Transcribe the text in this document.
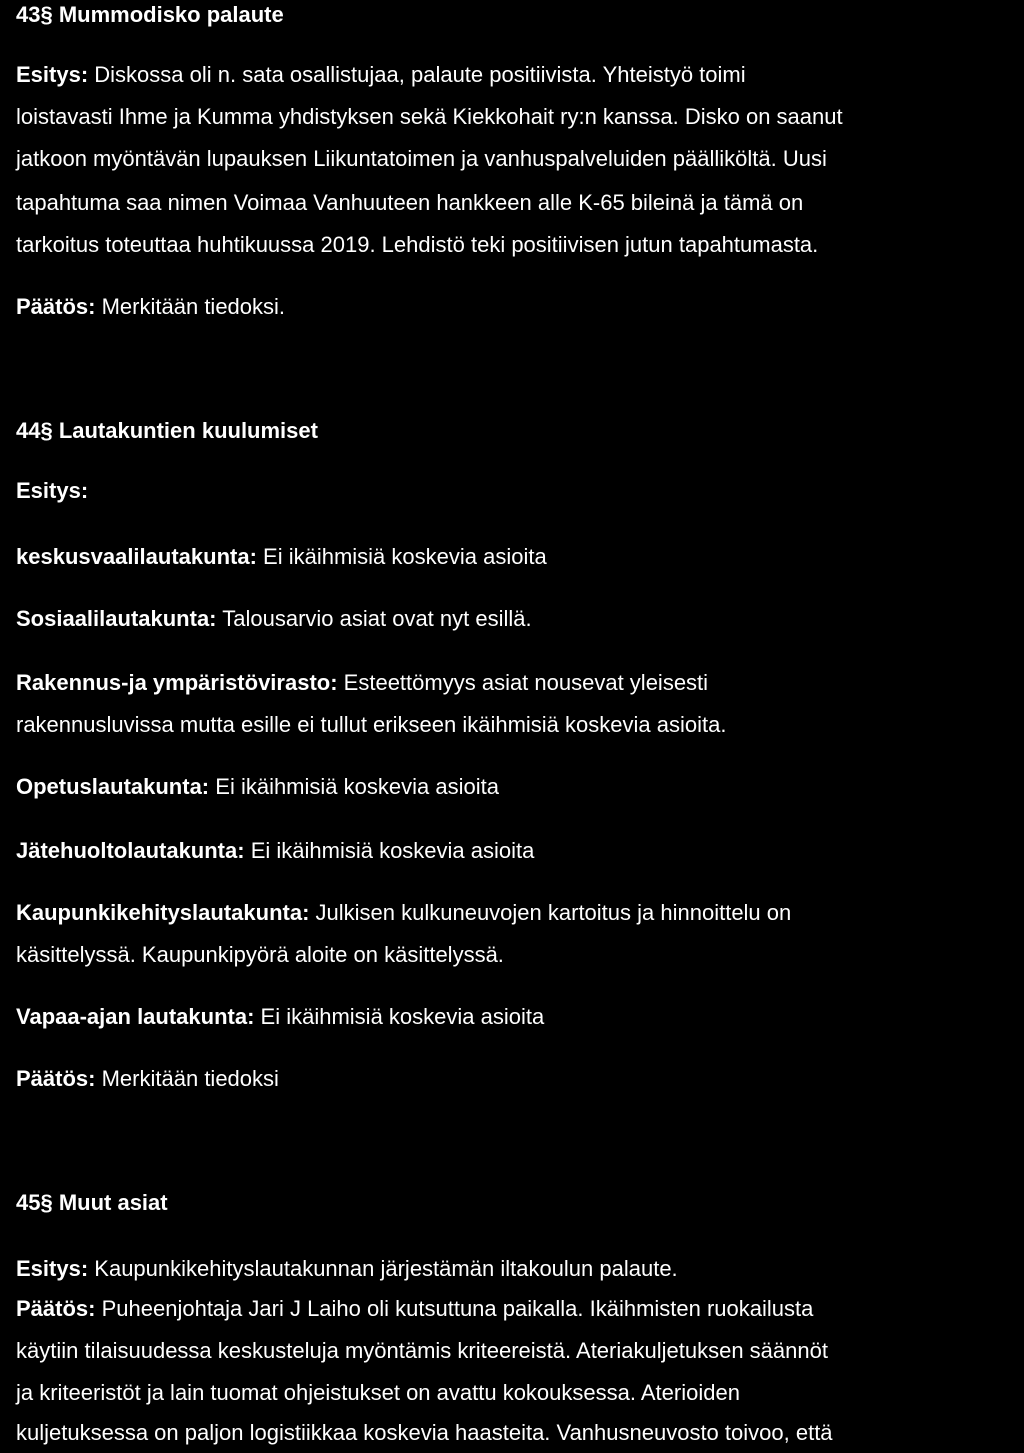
43§ Mummodisko palaute
Esitys: Diskossa oli n. sata osallistujaa, palaute positiivista. Yhteistyö toimi
loistavasti Ihme ja Kumma yhdistyksen sekä Kiekkohait ry:n kanssa. Disko on saanut
jatkoon myöntävän lupauksen Liikuntatoimen ja vanhuspalveluiden päälliköltä. Uusi
tapahtuma saa nimen Voimaa Vanhuuteen hankkeen alle K-65 bileinä ja tämä on
tarkoitus toteuttaa huhtikuussa 2019. Lehdistö teki positiivisen jutun tapahtumasta.
Päätös: Merkitään tiedoksi.
44§ Lautakuntien kuulumiset
Esitys:
keskusvaalilautakunta: Ei ikäihmisiä koskevia asioita
Sosiaalilautakunta: Talousarvio asiat ovat nyt esillä.
Rakennus-ja ympäristövirasto: Esteettömyys asiat nousevat yleisesti
rakennusluvissa mutta esille ei tullut erikseen ikäihmisiä koskevia asioita.
Opetuslautakunta: Ei ikäihmisiä koskevia asioita
Jätehuoltolautakunta: Ei ikäihmisiä koskevia asioita
Kaupunkikehityslautakunta: Julkisen kulkuneuvojen kartoitus ja hinnoittelu on
käsittelyssä. Kaupunkipyörä aloite on käsittelyssä.
Vapaa-ajan lautakunta: Ei ikäihmisiä koskevia asioita
Päätös: Merkitään tiedoksi
45§ Muut asiat
Esitys: Kaupunkikehityslautakunnan järjestämän iltakoulun palaute.
Päätös: Puheenjohtaja Jari J Laiho oli kutsuttuna paikalla. Ikäihmisten ruokailusta
käytiin tilaisuudessa keskusteluja myöntämis kriteereistä. Ateriakuljetuksen säännöt
ja kriteeristöt ja lain tuomat ohjeistukset on avattu kokouksessa. Aterioiden
kuljetuksessa on paljon logistiikkaa koskevia haasteita. Vanhusneuvosto toivoo, että
